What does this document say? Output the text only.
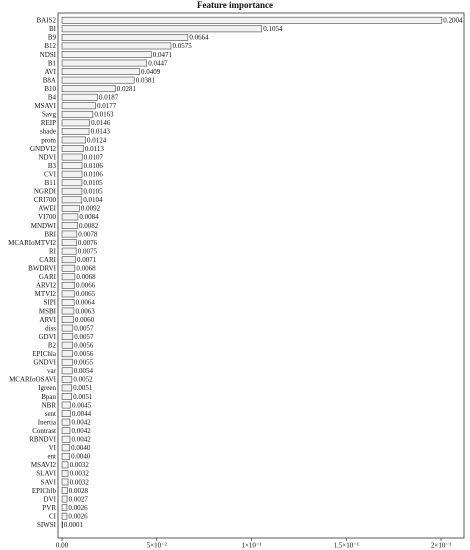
Feature importance
BAIS2	0.2004
BI	0.1054
B9	0.0664
B12	0.0575
NDSI	0.0471
B1	0.0447
AVI	0.0409
B8A	0.0381
B10	0.0281
B4	0.0187
MSAVI	0.0177
Savg	0.0163
REIP	0.0146
shade	0.0143
prom	0.0124
GNDVI2	0.0113
NDVI	0.0107
B3	0.0106
CVI	0.0106
B11	0.0105
NGRDI	0.0105
CRI700	0.0104
AWEI	0.0092
VI700	0.0084
MNDWI	0.0082
BRI	0.0078
MCARIoMTVI2	0.0076
RI	0.0075
CARI	0.0071
BWDRVI	0.0068
GARI	0.0068
ARVI2	0.0066
MTVI2	0.0065
SIPI	0.0064
MSBI	0.0063
ARVI	0.0060
diss	0.0057
GDVI	0.0057
B2	0.0056
EPIChla	0.0056
GNDVI	0.0055
var	0.0054
MCARIoOSAVI 0.0052
Igreen 0.0051
Bpan 0.0051
NBR 0.0045
sent 0.0044
Inertia 0.0042
Contrast 0.0042
RBNDVI 0.0042
VI 0.0040
ent 0.0040
MSAVI2 0.0032
SLAVI 0.0032
SAVI 0.0032
EPIChlb 0.0028
DVI 0.0027
PVR 0.0026
CI 0.0026
SIWSI 0.0001
0.00	5×10⁻²	1×10⁻¹	1.5×10⁻¹	2×10⁻¹
